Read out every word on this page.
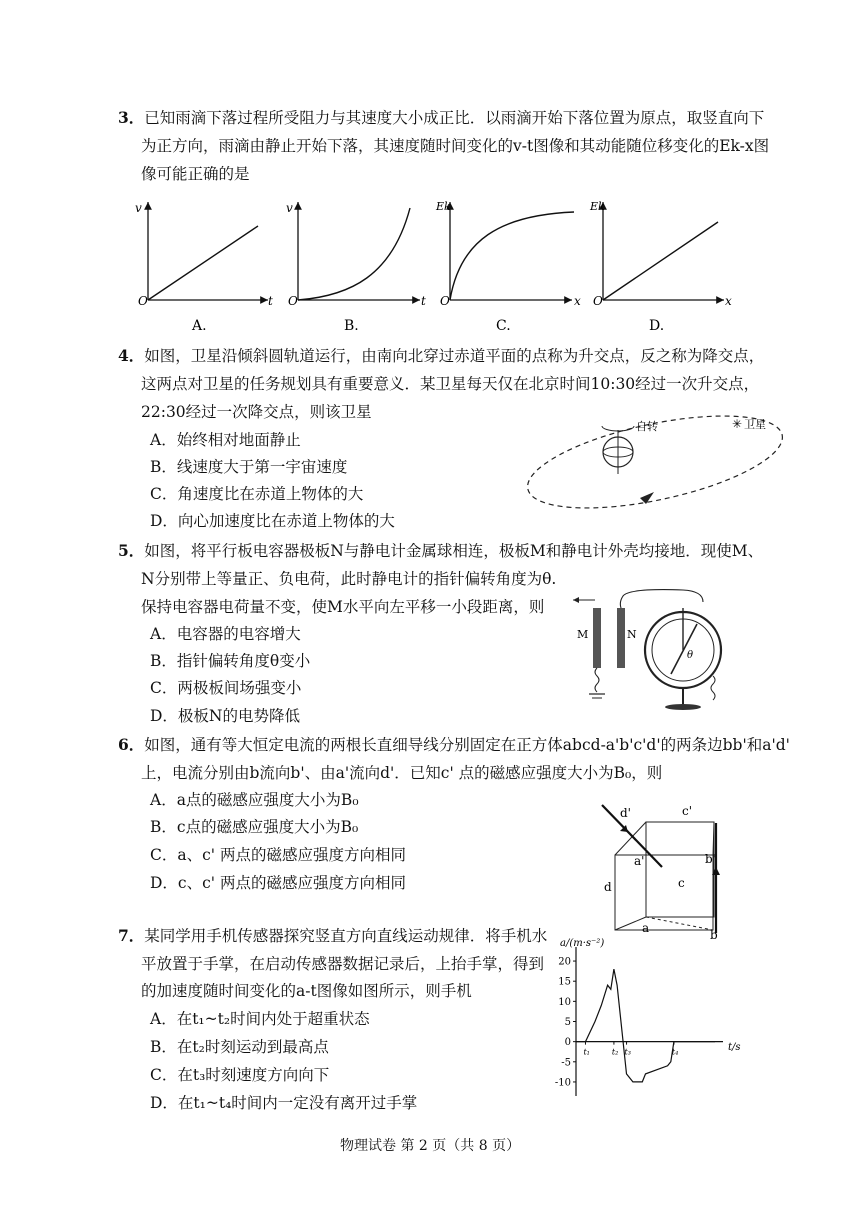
3．已知雨滴下落过程所受阻力与其速度大小成正比．以雨滴开始下落位置为原点，取竖直向下
为正方向，雨滴由静止开始下落，其速度随时间变化的v-t图像和其动能随位移变化的Ek-x图
像可能正确的是
v
t
O
A.
v
t
O
B.
Ek
x
O
C.
Ek
x
O
D.
4．如图，卫星沿倾斜圆轨道运行，由南向北穿过赤道平面的点称为升交点，反之称为降交点，
这两点对卫星的任务规划具有重要意义．某卫星每天仅在北京时间10:30经过一次升交点，
22:30经过一次降交点，则该卫星
A．始终相对地面静止
B．线速度大于第一宇宙速度
C．角速度比在赤道上物体的大
D．向心加速度比在赤道上物体的大
自转	✳ 卫星
5．如图，将平行板电容器极板N与静电计金属球相连，极板M和静电计外壳均接地．现使M、
N分别带上等量正、负电荷，此时静电计的指针偏转角度为θ.
保持电容器电荷量不变，使M水平向左平移一小段距离，则
A．电容器的电容增大
B．指针偏转角度θ变小
C．两极板间场强变小
D．极板N的电势降低
M	N
θ
6．如图，通有等大恒定电流的两根长直细导线分别固定在正方体abcd-a'b'c'd'的两条边bb'和a'd'
上，电流分别由b流向b'、由a'流向d'．已知c' 点的磁感应强度大小为B₀，则
A．a点的磁感应强度大小为B₀
B．c点的磁感应强度大小为B₀
C．a、c' 两点的磁感应强度方向相同
D．c、c' 两点的磁感应强度方向相同
d'	c'
a'	b'
d	c
a	b
7．某同学用手机传感器探究竖直方向直线运动规律．将手机水
平放置于手掌，在启动传感器数据记录后，上抬手掌，得到
的加速度随时间变化的a-t图像如图所示，则手机
A．在t₁~t₂时间内处于超重状态
B．在t₂时刻运动到最高点
C．在t₃时刻速度方向向下
D．在t₁~t₄时间内一定没有离开过手掌
20
15
10
5
0
-5
-10
t₁	t₂ t₃	t₄
a/(m·s⁻²)
t/s
物理试卷 第 2 页（共 8 页）
